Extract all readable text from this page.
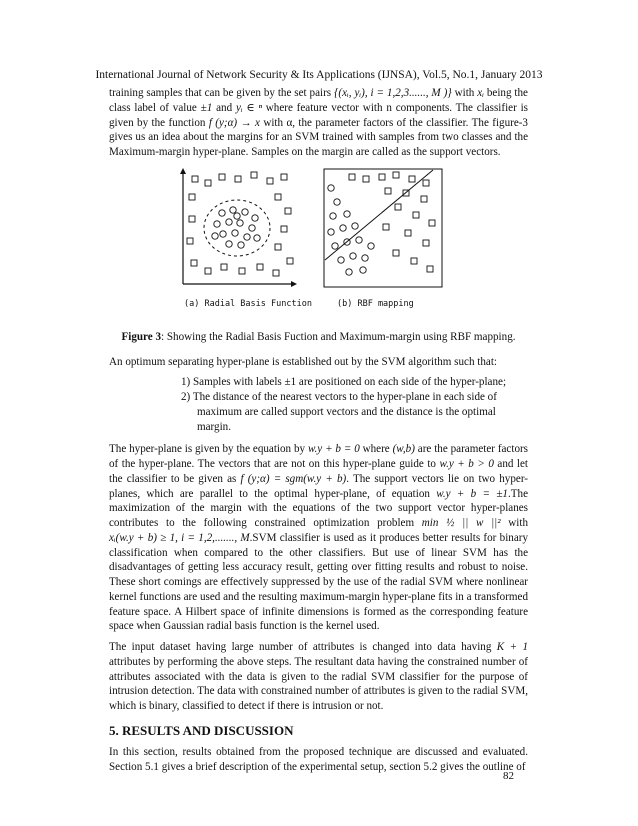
International Journal of Network Security & Its Applications (IJNSA), Vol.5, No.1, January 2013

training samples that can be given by the set pairs {(xᵢ, yᵢ), i = 1,2,3......, M )} with xᵢ being the class label of value ±1 and yᵢ ∈ ⁿ where feature vector with n components. The classifier is given by the function f (y;α) → x with α, the parameter factors of the classifier. The figure-3 gives us an idea about the margins for an SVM trained with samples from two classes and the Maximum-margin hyper-plane. Samples on the margin are called as the support vectors.

(a) Radial Basis Function	(b) RBF mapping

Figure 3: Showing the Radial Basis Fuction and Maximum-margin using RBF mapping.

An optimum separating hyper-plane is established out by the SVM algorithm such that:

1) Samples with labels ±1 are positioned on each side of the hyper-plane;
2) The distance of the nearest vectors to the hyper-plane in each side of maximum are called support vectors and the distance is the optimal margin.

The hyper-plane is given by the equation by w.y + b = 0 where (w,b) are the parameter factors of the hyper-plane. The vectors that are not on this hyper-plane guide to w.y + b > 0 and let the classifier to be given as f (y;α) = sgm(w.y + b). The support vectors lie on two hyper-planes, which are parallel to the optimal hyper-plane, of equation w.y + b = ±1.The maximization of the margin with the equations of the two support vector hyper-planes contributes to the following constrained optimization problem min ½ || w ||² with xᵢ(w.y + b) ≥ 1, i = 1,2,......., M.SVM classifier is used as it produces better results for binary classification when compared to the other classifiers. But use of linear SVM has the disadvantages of getting less accuracy result, getting over fitting results and robust to noise. These short comings are effectively suppressed by the use of the radial SVM where nonlinear kernel functions are used and the resulting maximum-margin hyper-plane fits in a transformed feature space. A Hilbert space of infinite dimensions is formed as the corresponding feature space when Gaussian radial basis function is the kernel used.

The input dataset having large number of attributes is changed into data having K + 1 attributes by performing the above steps. The resultant data having the constrained number of attributes associated with the data is given to the radial SVM classifier for the purpose of intrusion detection. The data with constrained number of attributes is given to the radial SVM, which is binary, classified to detect if there is intrusion or not.

5. RESULTS AND DISCUSSION

In this section, results obtained from the proposed technique are discussed and evaluated. Section 5.1 gives a brief description of the experimental setup, section 5.2 gives the outline of

82
